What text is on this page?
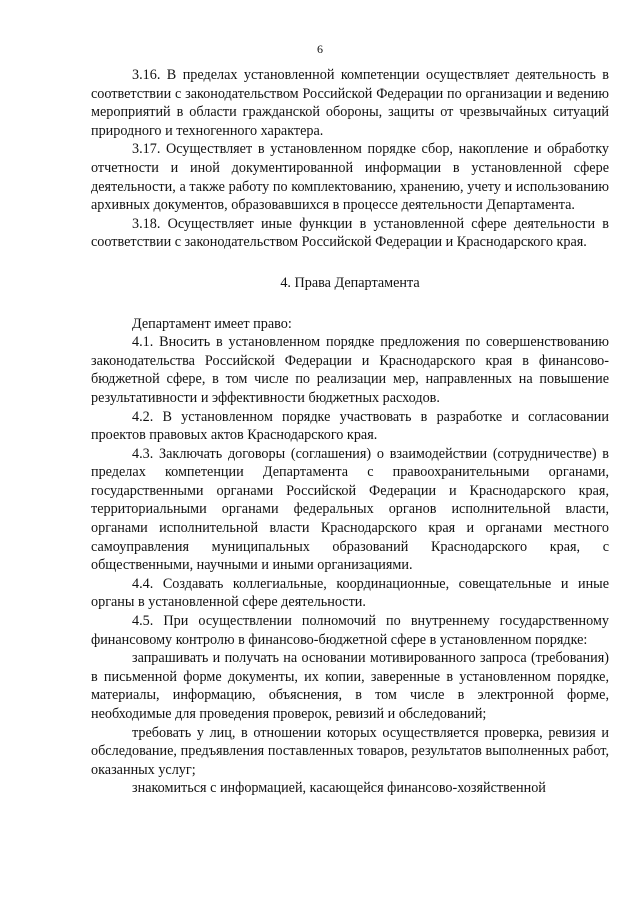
6

3.16. В пределах установленной компетенции осуществляет деятельность в соответствии с законодательством Российской Федерации по организации и ведению мероприятий в области гражданской обороны, защиты от чрезвычайных ситуаций природного и техногенного характера.

3.17. Осуществляет в установленном порядке сбор, накопление и обработку отчетности и иной документированной информации в установленной сфере деятельности, а также работу по комплектованию, хранению, учету и использованию архивных документов, образовавшихся в процессе деятельности Департамента.

3.18. Осуществляет иные функции в установленной сфере деятельности в соответствии с законодательством Российской Федерации и Краснодарского края.

4. Права Департамента

Департамент имеет право:

4.1. Вносить в установленном порядке предложения по совершенствованию законодательства Российской Федерации и Краснодарского края в финансово-бюджетной сфере, в том числе по реализации мер, направленных на повышение результативности и эффективности бюджетных расходов.

4.2. В установленном порядке участвовать в разработке и согласовании проектов правовых актов Краснодарского края.

4.3. Заключать договоры (соглашения) о взаимодействии (сотрудничестве) в пределах компетенции Департамента с правоохранительными органами, государственными органами Российской Федерации и Краснодарского края, территориальными органами федеральных органов исполнительной власти, органами исполнительной власти Краснодарского края и органами местного самоуправления муниципальных образований Краснодарского края, с общественными, научными и иными организациями.

4.4. Создавать коллегиальные, координационные, совещательные и иные органы в установленной сфере деятельности.

4.5. При осуществлении полномочий по внутреннему государственному финансовому контролю в финансово-бюджетной сфере в установленном порядке:

запрашивать и получать на основании мотивированного запроса (требования) в письменной форме документы, их копии, заверенные в установленном порядке, материалы, информацию, объяснения, в том числе в электронной форме, необходимые для проведения проверок, ревизий и обследований;

требовать у лиц, в отношении которых осуществляется проверка, ревизия и обследование, предъявления поставленных товаров, результатов выполненных работ, оказанных услуг;

знакомиться с информацией, касающейся финансово-хозяйственной
